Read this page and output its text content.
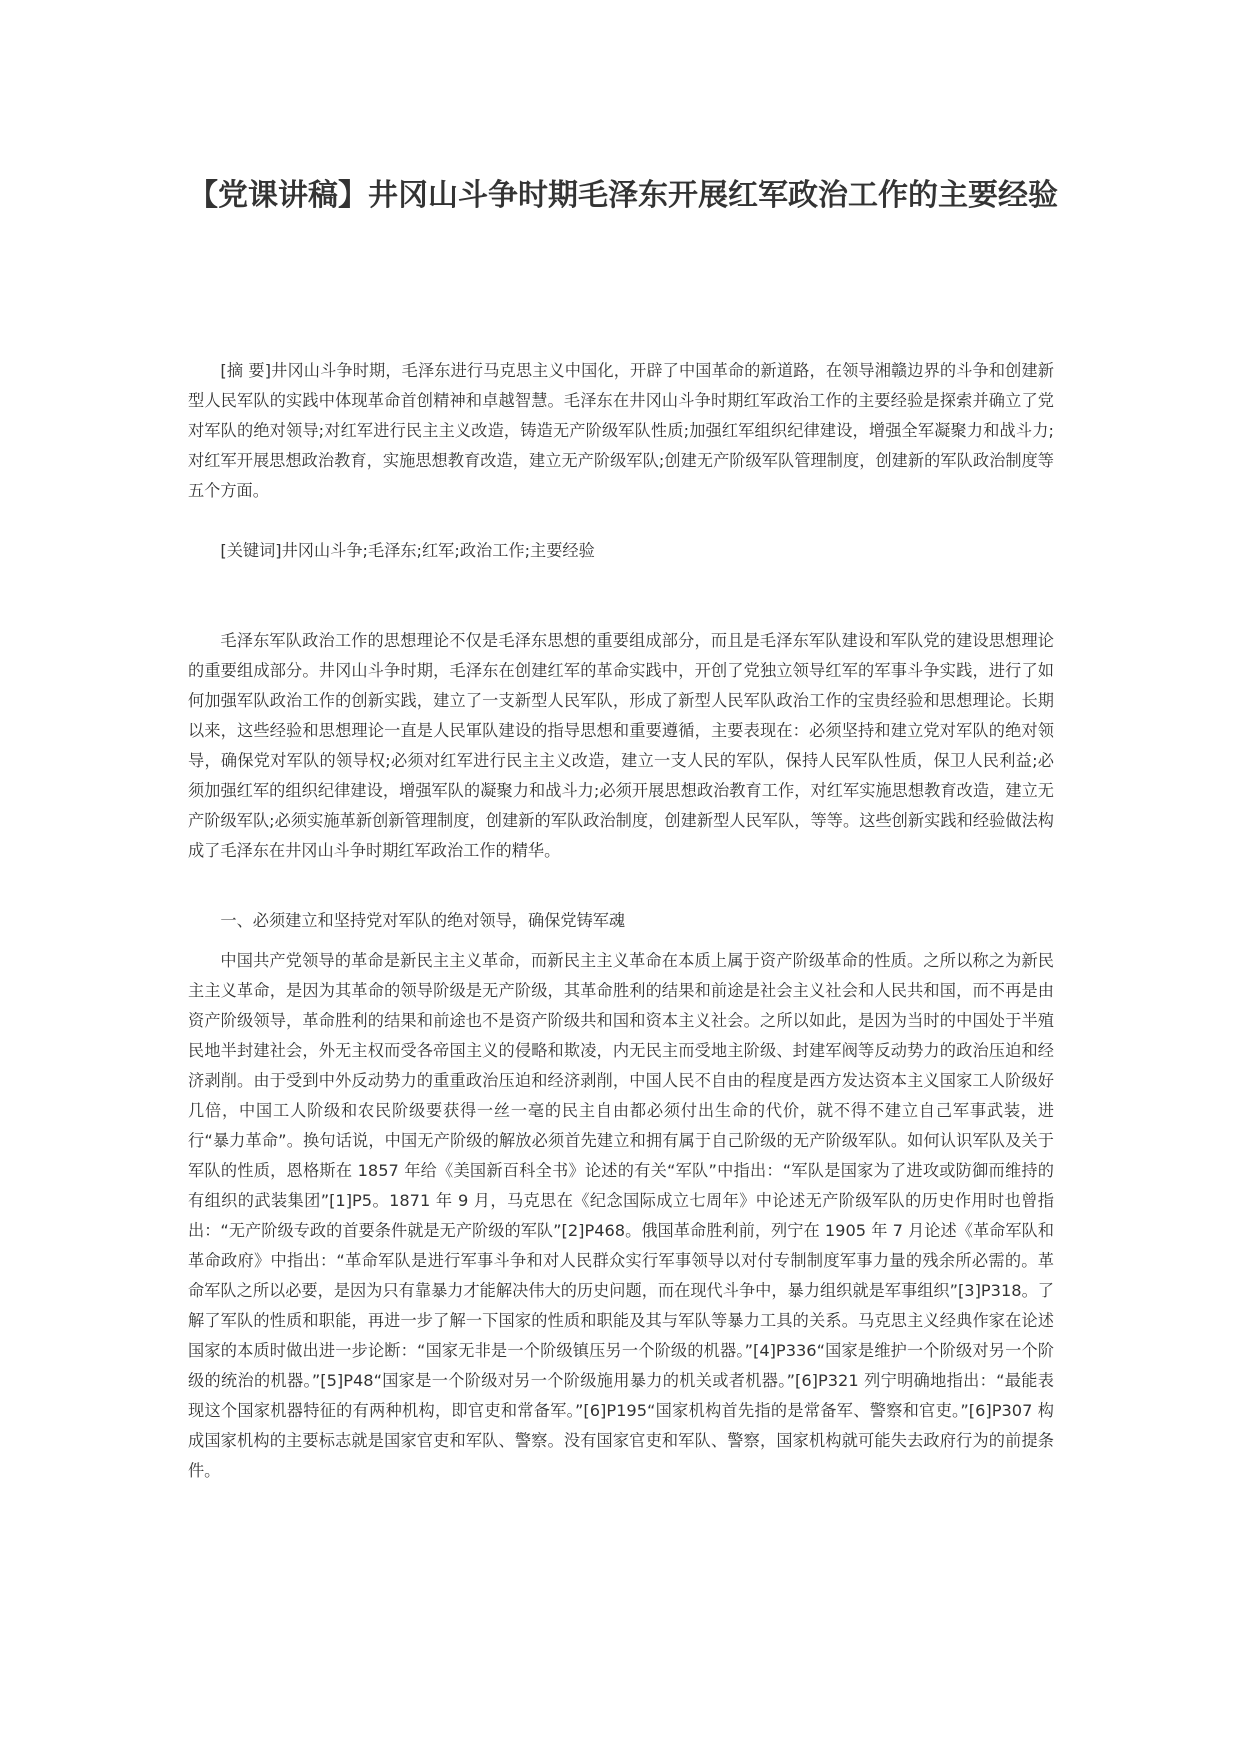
【党课讲稿】井冈山斗争时期毛泽东开展红军政治工作的主要经验

[摘 要]井冈山斗争时期，毛泽东进行马克思主义中国化，开辟了中国革命的新道路，在领导湘赣边界的斗争和创建新型人民军队的实践中体现革命首创精神和卓越智慧。毛泽东在井冈山斗争时期红军政治工作的主要经验是探索并确立了党对军队的绝对领导;对红军进行民主主义改造，铸造无产阶级军队性质;加强红军组织纪律建设，增强全军凝聚力和战斗力;对红军开展思想政治教育，实施思想教育改造，建立无产阶级军队;创建无产阶级军队管理制度，创建新的军队政治制度等五个方面。

[关键词]井冈山斗争;毛泽东;红军;政治工作;主要经验

毛泽东军队政治工作的思想理论不仅是毛泽东思想的重要组成部分，而且是毛泽东军队建设和军队党的建设思想理论的重要组成部分。井冈山斗争时期，毛泽东在创建红军的革命实践中，开创了党独立领导红军的军事斗争实践，进行了如何加强军队政治工作的创新实践，建立了一支新型人民军队，形成了新型人民军队政治工作的宝贵经验和思想理论。长期以来，这些经验和思想理论一直是人民軍队建设的指导思想和重要遵循，主要表现在：必须坚持和建立党对军队的绝对领导，确保党对军队的领导权;必须对红军进行民主主义改造，建立一支人民的军队，保持人民军队性质，保卫人民利益;必须加强红军的组织纪律建设，增强军队的凝聚力和战斗力;必须开展思想政治教育工作，对红军实施思想教育改造，建立无产阶级军队;必须实施革新创新管理制度，创建新的军队政治制度，创建新型人民军队，等等。这些创新实践和经验做法构成了毛泽东在井冈山斗争时期红军政治工作的精华。

一、必须建立和坚持党对军队的绝对领导，确保党铸军魂

中国共产党领导的革命是新民主主义革命，而新民主主义革命在本质上属于资产阶级革命的性质。之所以称之为新民主主义革命，是因为其革命的领导阶级是无产阶级，其革命胜利的结果和前途是社会主义社会和人民共和国，而不再是由资产阶级领导，革命胜利的结果和前途也不是资产阶级共和国和资本主义社会。之所以如此，是因为当时的中国处于半殖民地半封建社会，外无主权而受各帝国主义的侵略和欺凌，内无民主而受地主阶级、封建军阀等反动势力的政治压迫和经济剥削。由于受到中外反动势力的重重政治压迫和经济剥削，中国人民不自由的程度是西方发达资本主义国家工人阶级好几倍，中国工人阶级和农民阶级要获得一丝一毫的民主自由都必须付出生命的代价，就不得不建立自己军事武装，进行“暴力革命”。换句话说，中国无产阶级的解放必须首先建立和拥有属于自己阶级的无产阶级军队。如何认识军队及关于军队的性质，恩格斯在 1857 年给《美国新百科全书》论述的有关“军队”中指出：“军队是国家为了进攻或防御而维持的有组织的武装集团”[1]P5。1871 年 9 月，马克思在《纪念国际成立七周年》中论述无产阶级军队的历史作用时也曾指出：“无产阶级专政的首要条件就是无产阶级的军队”[2]P468。俄国革命胜利前，列宁在 1905 年 7 月论述《革命军队和革命政府》中指出：“革命军队是进行军事斗争和对人民群众实行军事领导以对付专制制度军事力量的残余所必需的。革命军队之所以必要，是因为只有靠暴力才能解决伟大的历史问题，而在现代斗争中，暴力组织就是军事组织”[3]P318。了解了军队的性质和职能，再进一步了解一下国家的性质和职能及其与军队等暴力工具的关系。马克思主义经典作家在论述国家的本质时做出进一步论断：“国家无非是一个阶级镇压另一个阶级的机器。”[4]P336“国家是维护一个阶级对另一个阶级的统治的机器。”[5]P48“国家是一个阶级对另一个阶级施用暴力的机关或者机器。”[6]P321 列宁明确地指出：“最能表现这个国家机器特征的有两种机构，即官吏和常备军。”[6]P195“国家机构首先指的是常备军、警察和官吏。”[6]P307 构成国家机构的主要标志就是国家官吏和军队、警察。没有国家官吏和军队、警察，国家机构就可能失去政府行为的前提条件。
